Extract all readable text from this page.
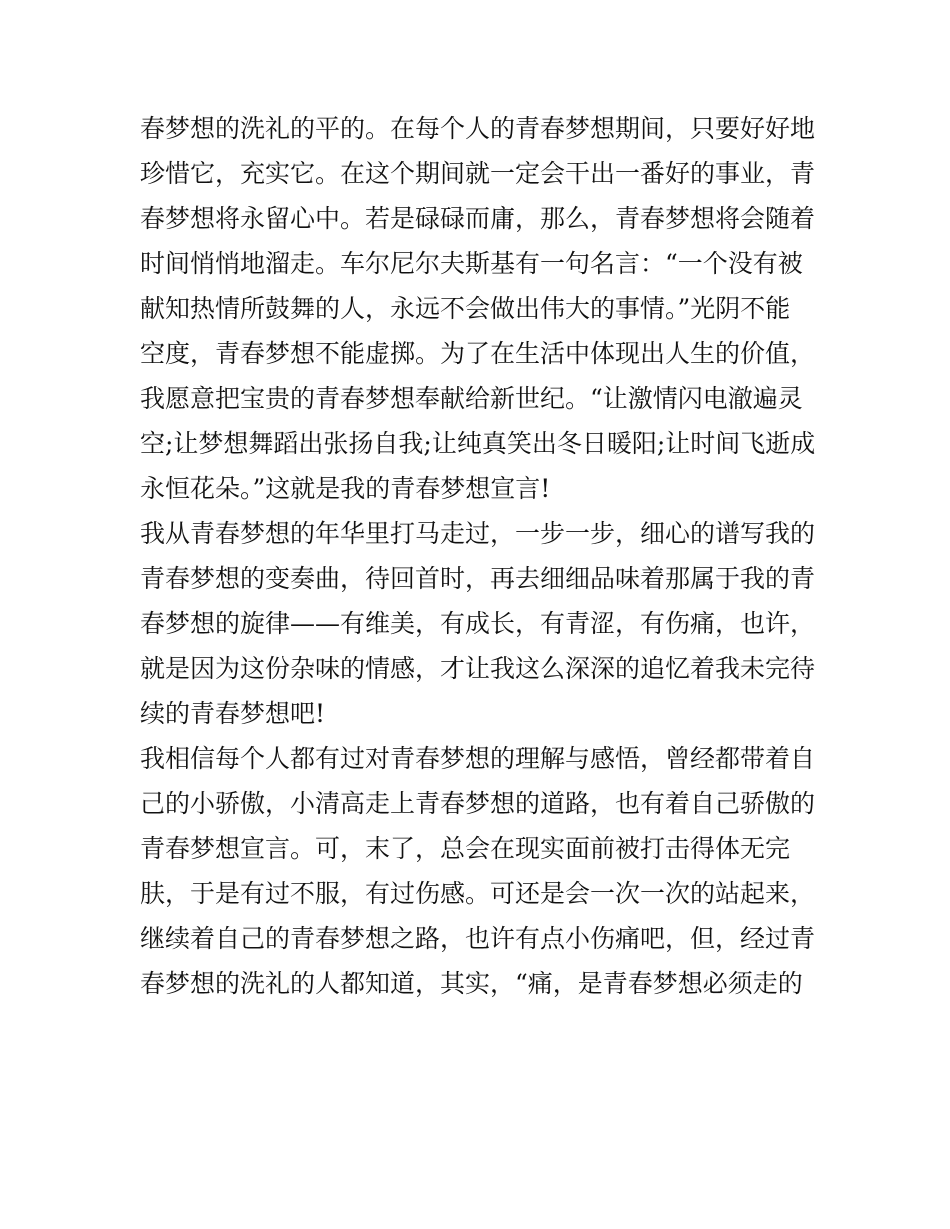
春梦想的洗礼的平的。在每个人的青春梦想期间，只要好好地
珍惜它，充实它。在这个期间就一定会干出一番好的事业，青
春梦想将永留心中。若是碌碌而庸，那么，青春梦想将会随着
时间悄悄地溜走。车尔尼尔夫斯基有一句名言：“一个没有被
献知热情所鼓舞的人，永远不会做出伟大的事情。”光阴不能
空度，青春梦想不能虚掷。为了在生活中体现出人生的价值，
我愿意把宝贵的青春梦想奉献给新世纪。“让激情闪电澈遍灵
空;让梦想舞蹈出张扬自我;让纯真笑出冬日暖阳;让时间飞逝成
永恒花朵。”这就是我的青春梦想宣言!
我从青春梦想的年华里打马走过，一步一步，细心的谱写我的
青春梦想的变奏曲，待回首时，再去细细品味着那属于我的青
春梦想的旋律——有维美，有成长，有青涩，有伤痛，也许，
就是因为这份杂味的情感，才让我这么深深的追忆着我未完待
续的青春梦想吧!
我相信每个人都有过对青春梦想的理解与感悟，曾经都带着自
己的小骄傲，小清高走上青春梦想的道路，也有着自己骄傲的
青春梦想宣言。可，末了，总会在现实面前被打击得体无完
肤，于是有过不服，有过伤感。可还是会一次一次的站起来，
继续着自己的青春梦想之路，也许有点小伤痛吧，但，经过青
春梦想的洗礼的人都知道，其实，“痛，是青春梦想必须走的
